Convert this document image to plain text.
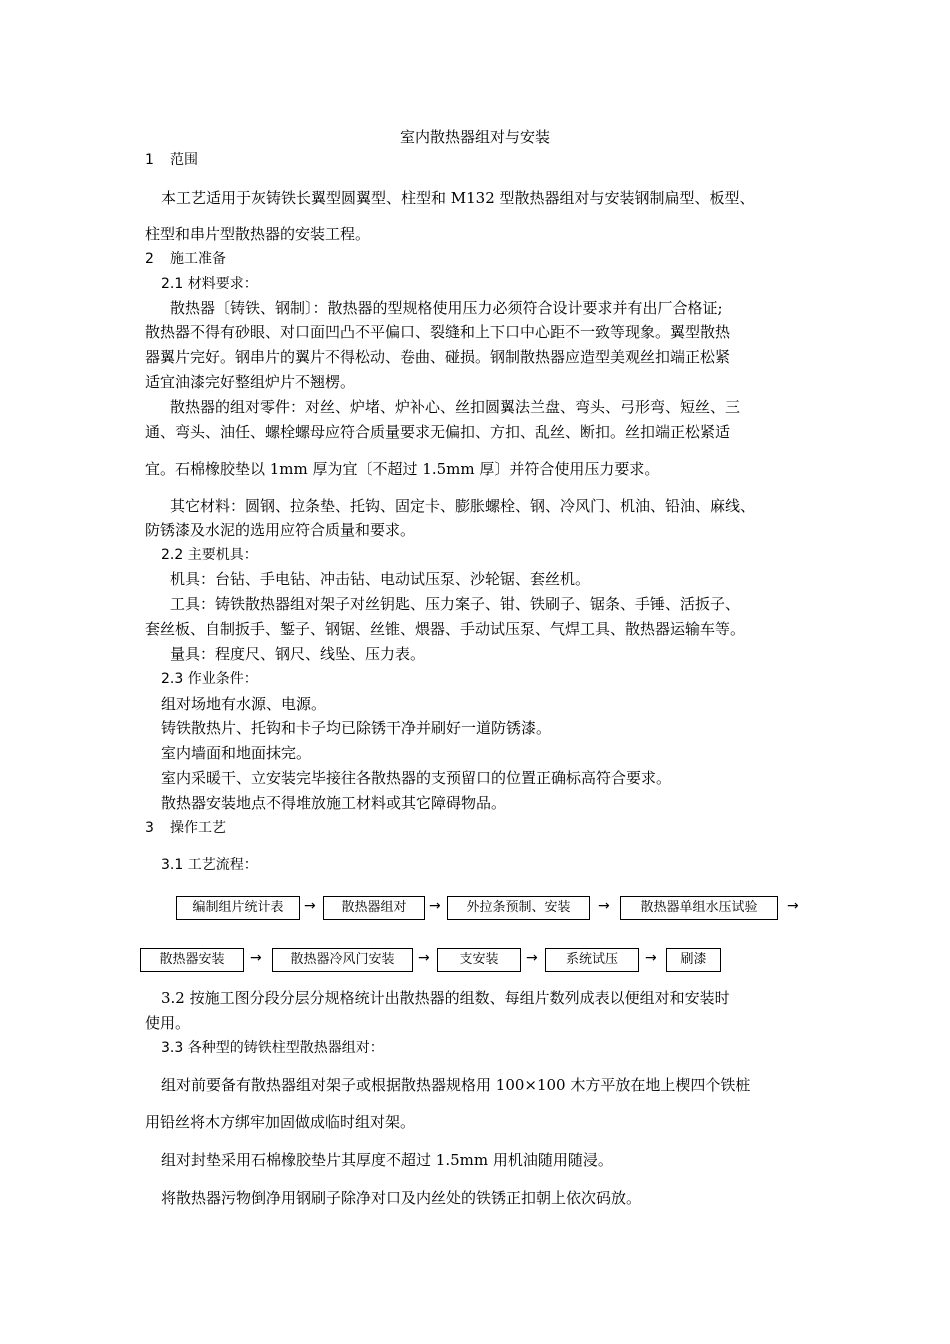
室内散热器组对与安装
1 范围
本工艺适用于灰铸铁长翼型圆翼型、柱型和 M132 型散热器组对与安装钢制扁型、板型、
柱型和串片型散热器的安装工程。
2 施工准备
2.1 材料要求：
散热器〔铸铁、钢制〕：散热器的型规格使用压力必须符合设计要求并有出厂合格证;
散热器不得有砂眼、对口面凹凸不平偏口、裂缝和上下口中心距不一致等现象。翼型散热
器翼片完好。钢串片的翼片不得松动、卷曲、碰损。钢制散热器应造型美观丝扣端正松紧
适宜油漆完好整组炉片不翘楞。
散热器的组对零件：对丝、炉堵、炉补心、丝扣圆翼法兰盘、弯头、弓形弯、短丝、三
通、弯头、油任、螺栓螺母应符合质量要求无偏扣、方扣、乱丝、断扣。丝扣端正松紧适
宜。石棉橡胶垫以 1mm 厚为宜〔不超过 1.5mm 厚〕并符合使用压力要求。
其它材料：圆钢、拉条垫、托钩、固定卡、膨胀螺栓、钢、冷风门、机油、铅油、麻线、
防锈漆及水泥的选用应符合质量和要求。
2.2 主要机具：
机具：台钻、手电钻、冲击钻、电动试压泵、沙轮锯、套丝机。
工具：铸铁散热器组对架子对丝钥匙、压力案子、钳、铁刷子、锯条、手锤、活扳子、
套丝板、自制扳手、錾子、钢锯、丝锥、煨器、手动试压泵、气焊工具、散热器运输车等。
量具：程度尺、钢尺、线坠、压力表。
2.3 作业条件：
组对场地有水源、电源。
铸铁散热片、托钩和卡子均已除锈干净并刷好一道防锈漆。
室内墙面和地面抹完。
室内采暖干、立安装完毕接往各散热器的支预留口的位置正确标高符合要求。
散热器安装地点不得堆放施工材料或其它障碍物品。
3 操作工艺
3.1 工艺流程：
编制组片统计表	→	散热器组对	→	外拉条预制、安装	→	散热器单组水压试验	→
散热器安装	→	散热器冷风门安装	→	支安装	→	系统试压	→	刷漆
3.2 按施工图分段分层分规格统计出散热器的组数、每组片数列成表以便组对和安装时
使用。
3.3 各种型的铸铁柱型散热器组对：
组对前要备有散热器组对架子或根据散热器规格用 100×100 木方平放在地上楔四个铁桩
用铅丝将木方绑牢加固做成临时组对架。
组对封垫采用石棉橡胶垫片其厚度不超过 1.5mm 用机油随用随浸。
将散热器污物倒净用钢刷子除净对口及内丝处的铁锈正扣朝上依次码放。
